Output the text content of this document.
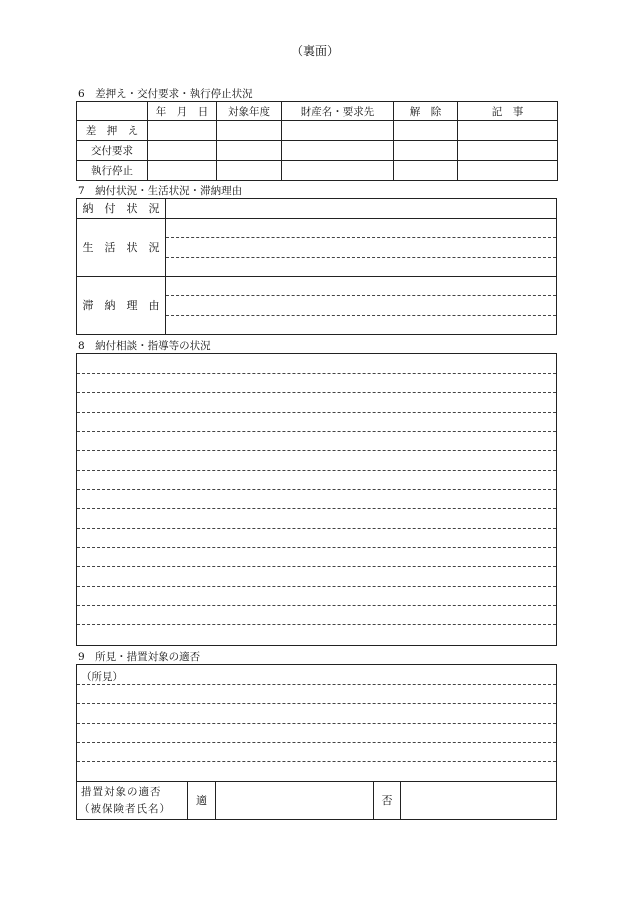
（裏面）
6　差押え・交付要求・執行停止状況
	年　月　日	対象年度	財産名・要求先	解　除	記　事
差　押　え					
交付要求					
執行停止					
7　納付状況・生活状況・滞納理由
納　付　状　況
生　活　状　況
滞　納　理　由
8　納付相談・指導等の状況
9　所見・措置対象の適否
（所見）
措置対象の適否
（被保険者氏名）
適	否
